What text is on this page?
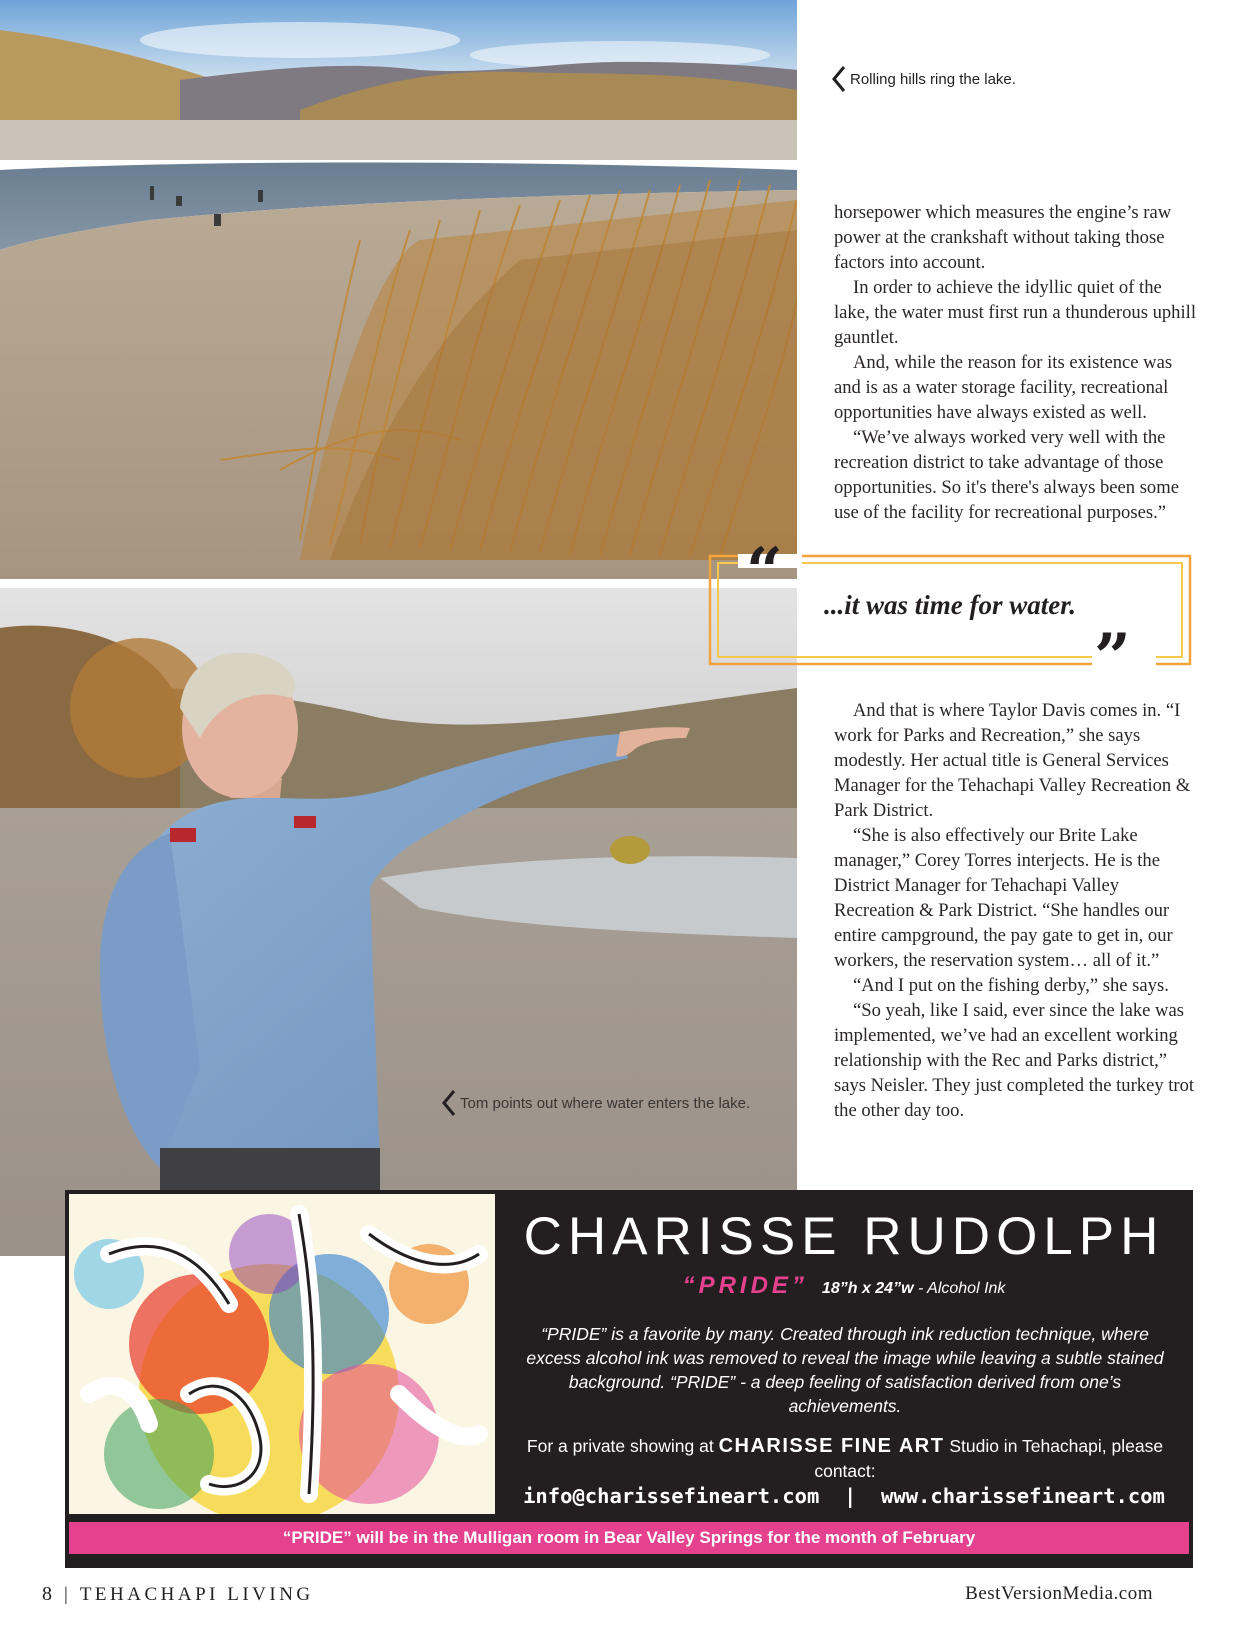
Rolling hills ring the lake.
Tom points out where water enters the lake.

horsepower which measures the engine’s raw power at the crankshaft without taking those factors into account.

In order to achieve the idyllic quiet of the lake, the water must first run a thunderous uphill gauntlet.

And, while the reason for its existence was and is as a water storage facility, recreational opportunities have always existed as well.

“We’ve always worked very well with the recreation district to take advantage of those opportunities. So it's there's always been some use of the facility for recreational purposes.”

“	...it was time for water.
”

And that is where Taylor Davis comes in. “I work for Parks and Recreation,” she says modestly. Her actual title is General Services Manager for the Tehachapi Valley Recreation & Park District.

“She is also effectively our Brite Lake manager,” Corey Torres interjects. He is the District Manager for Tehachapi Valley Recreation & Park District. “She handles our entire campground, the pay gate to get in, our workers, the reservation system… all of it.”

“And I put on the fishing derby,” she says.

“So yeah, like I said, ever since the lake was implemented, we’ve had an excellent working relationship with the Rec and Parks district,” says Neisler. They just completed the turkey trot the other day too.

CHARISSE RUDOLPH
“PRIDE” 18”h x 24”w - Alcohol Ink
“PRIDE” is a favorite by many. Created through ink reduction technique, where excess alcohol ink was removed to reveal the image while leaving a subtle stained background. “PRIDE” - a deep feeling of satisfaction derived from one’s achievements.
For a private showing at CHARISSE FINE ART Studio in Tehachapi, please contact:
info@charissefineart.com | www.charissefineart.com
“PRIDE” will be in the Mulligan room in Bear Valley Springs for the month of February
8 | TEHACHAPI LIVING	BestVersionMedia.com
